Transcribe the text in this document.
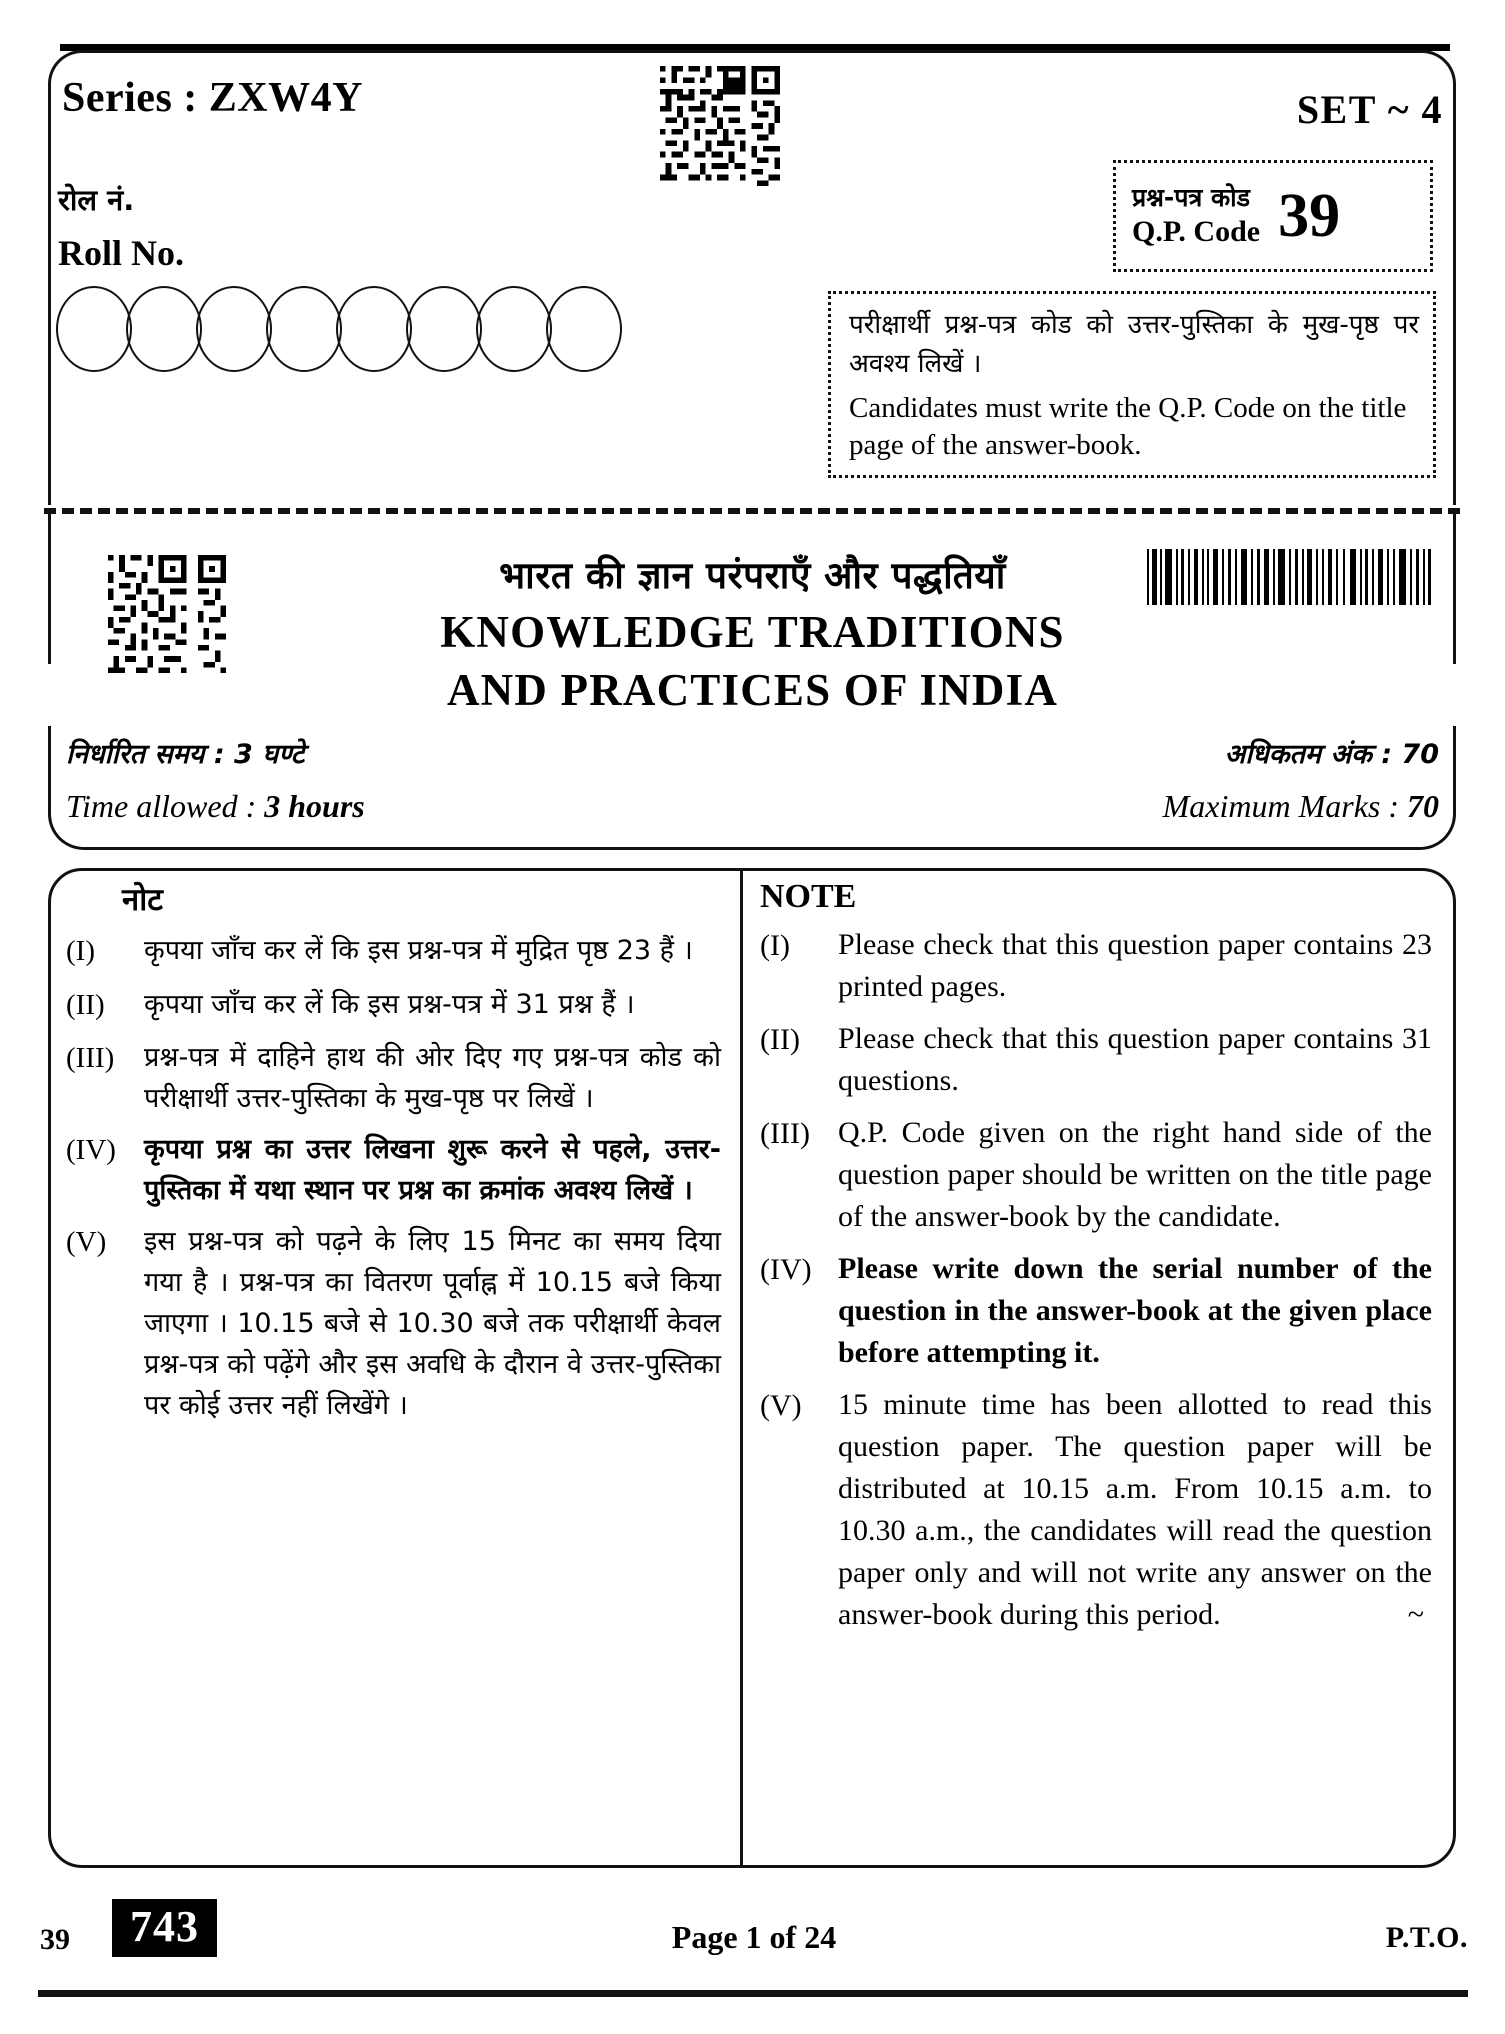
Series : ZXW4Y
रोल नं.
Roll No.
SET ~ 4
प्रश्न-पत्र कोड
Q.P. Code 39

परीक्षार्थी प्रश्न-पत्र कोड को उत्तर-पुस्तिका के मुख-पृष्ठ पर अवश्य लिखें ।

Candidates must write the Q.P. Code on the title page of the answer-book.

भारत की ज्ञान परंपराएँ और पद्धतियाँ
KNOWLEDGE TRADITIONS
AND PRACTICES OF INDIA
निर्धारित समय : 3 घण्टे	अधिकतम अंक : 70
Time allowed : 3 hours	Maximum Marks : 70
नोट
(I)	कृपया जाँच कर लें कि इस प्रश्न-पत्र में मुद्रित पृष्ठ 23 हैं ।
(II)	कृपया जाँच कर लें कि इस प्रश्न-पत्र में 31 प्रश्न हैं ।
(III)	प्रश्न-पत्र में दाहिने हाथ की ओर दिए गए प्रश्न-पत्र कोड को परीक्षार्थी उत्तर-पुस्तिका के मुख-पृष्ठ पर लिखें ।
(IV)	कृपया प्रश्न का उत्तर लिखना शुरू करने से पहले, उत्तर-पुस्तिका में यथा स्थान पर प्रश्न का क्रमांक अवश्य लिखें ।
(V)	इस प्रश्न-पत्र को पढ़ने के लिए 15 मिनट का समय दिया गया है । प्रश्न-पत्र का वितरण पूर्वाह्न में 10.15 बजे किया जाएगा । 10.15 बजे से 10.30 बजे तक परीक्षार्थी केवल प्रश्न-पत्र को पढ़ेंगे और इस अवधि के दौरान वे उत्तर-पुस्तिका पर कोई उत्तर नहीं लिखेंगे ।
NOTE
(I)	Please check that this question paper contains 23 printed pages.
(II)	Please check that this question paper contains 31 questions.
(III) Q.P. Code given on the right hand side of the question paper should be written on the title page of the answer-book by the candidate.
(IV) Please write down the serial number of the question in the answer-book at the given place before attempting it.
(V)	15 minute time has been allotted to read this question paper. The question paper will be distributed at 10.15 a.m. From 10.15 a.m. to 10.30 a.m., the candidates will read the question paper only and will not write any answer on the answer-book during this period.	~
39	743	Page 1 of 24	P.T.O.
